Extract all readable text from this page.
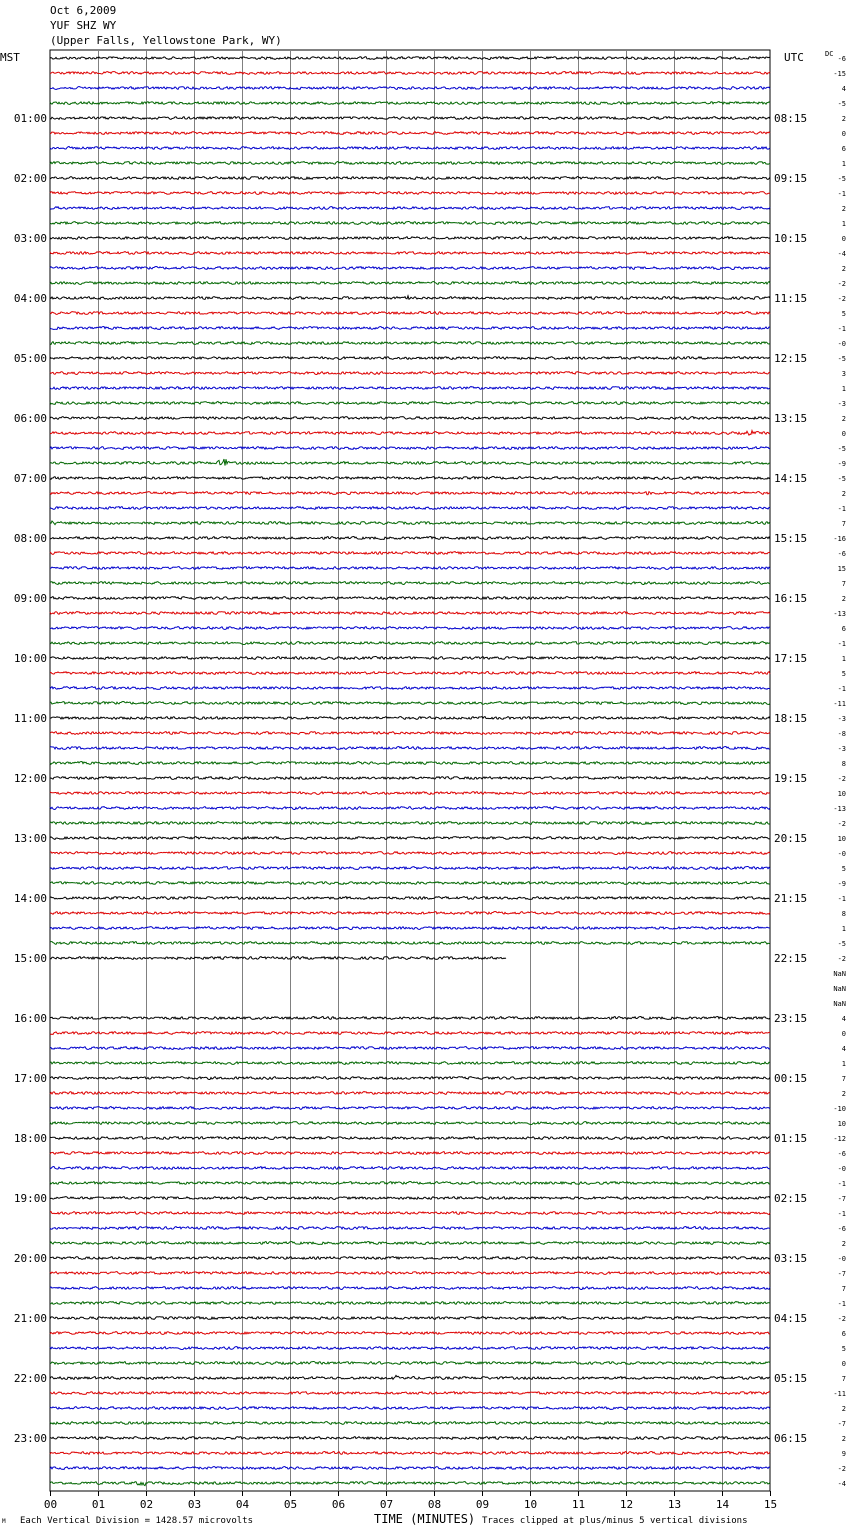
Oct 6,2009
YUF SHZ WY
(Upper Falls, Yellowstone Park, WY)
00	01	02	03	04	05	06	07	08	09	10	11	12	13	14	15
-6
-15
4
-5
2
0
6
1
-5
-1
2
1
0
-4
2
-2
-2
5
-1
-0
-5
3
1
-3
2
0
-5
-9
-5
2
-1
7
-16
-6
15
7
2
-13
6
-1
1
5
-1
-11
-3
-8
-3
8
-2
10
-13
-2
10
-0
5
-9
-1
8
1
-5
-2
NaN
NaN
NaN
4
0
4
1
7
2
-10
10
-12
-6
-0
-1
-7
-1
-6
2
-0
-7
7
-1
-2
6
5
0
7
-11
2
-7
2
9
-2
-4
01:00	08:15
02:00	09:15
03:00	10:15
04:00	11:15
05:00	12:15
06:00	13:15
07:00	14:15
08:00	15:15
09:00	16:15
10:00	17:15
11:00	18:15
12:00	19:15
13:00	20:15
14:00	21:15
15:00	22:15
16:00	23:15
17:00	00:15
18:00	01:15
19:00	02:15
20:00	03:15
21:00	04:15
22:00	05:15
23:00	06:15
MST	UTC	DC
TIME (MINUTES)
Each Vertical Division = 1428.57 microvolts	Traces clipped at plus/minus 5 vertical divisions
M
